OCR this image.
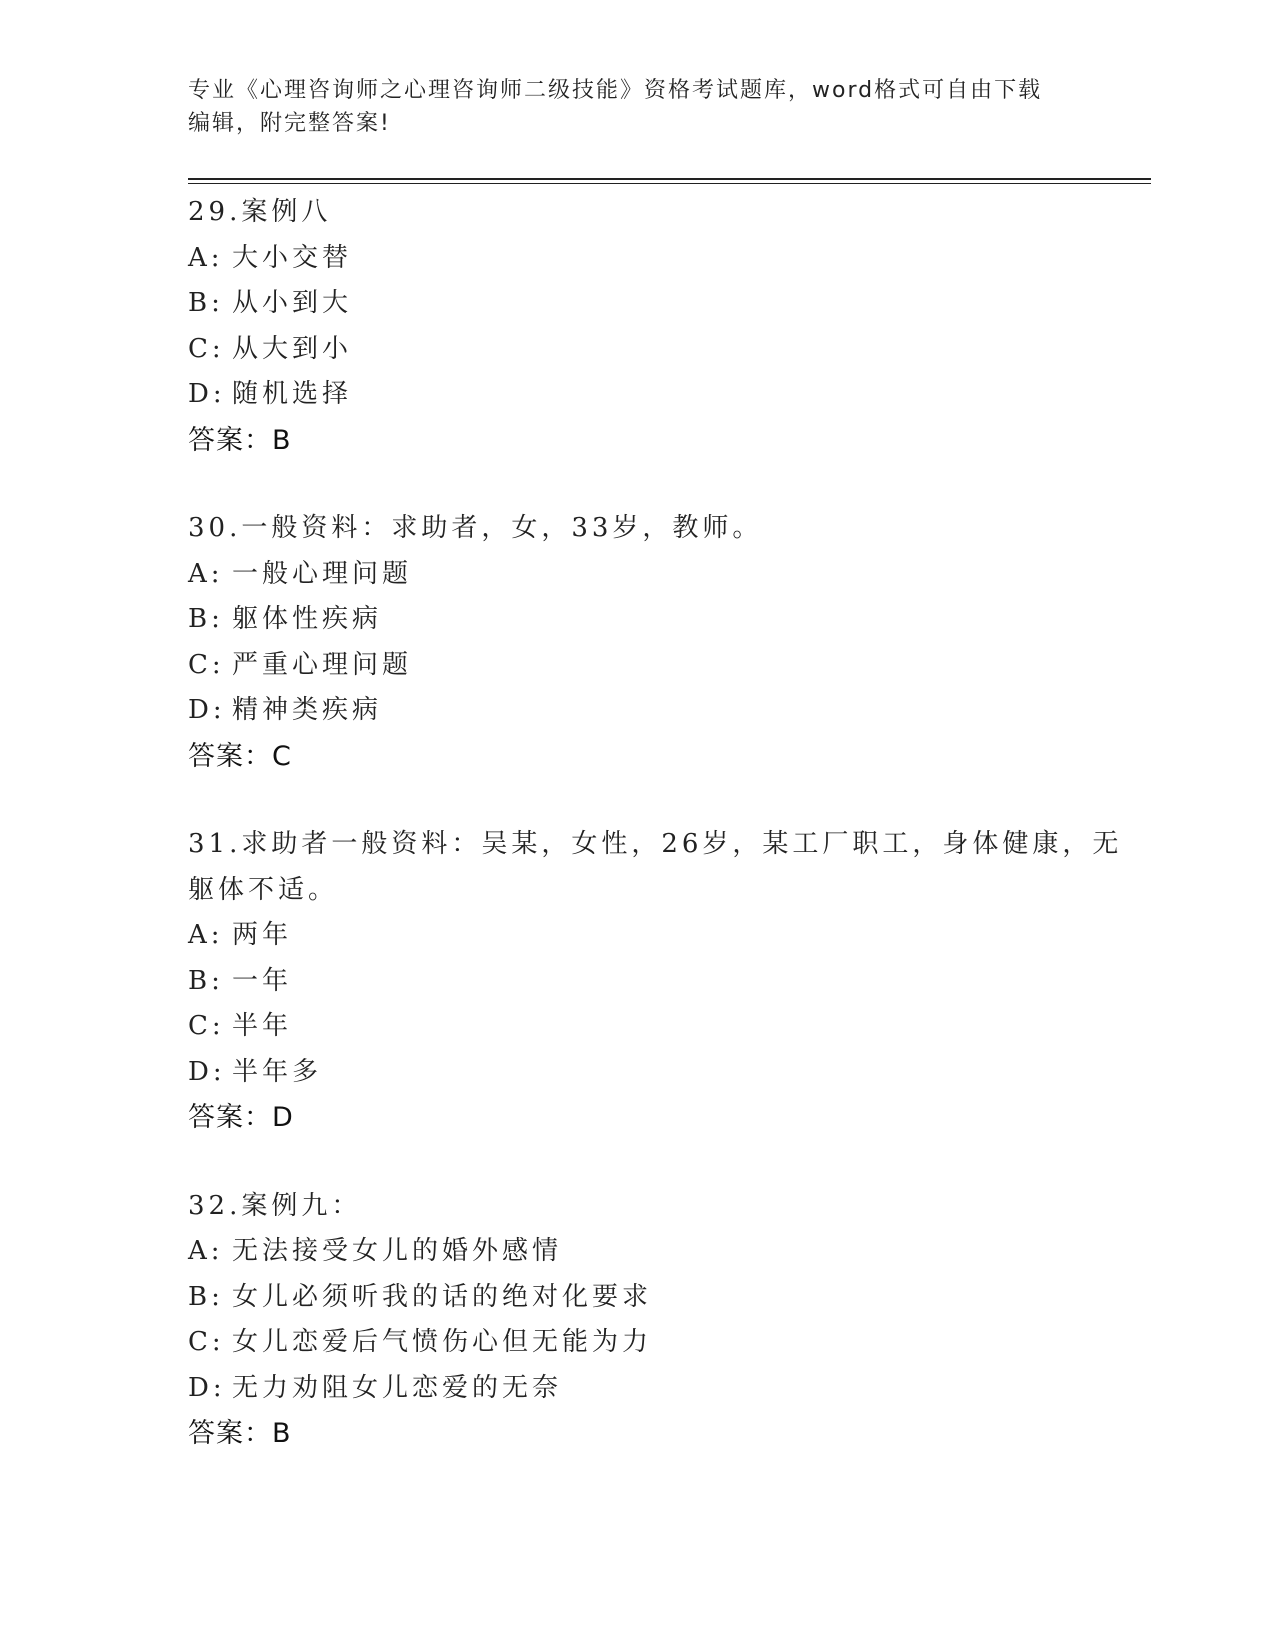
专业《心理咨询师之心理咨询师二级技能》资格考试题库，word格式可自由下载
编辑，附完整答案!
29.案例八
A: 大小交替
B: 从小到大
C: 从大到小
D: 随机选择
答案：B
30.一般资料：求助者，女，33岁，教师。
A: 一般心理问题
B: 躯体性疾病
C: 严重心理问题
D: 精神类疾病
答案：C
31.求助者一般资料：吴某，女性，26岁，某工厂职工，身体健康，无
躯体不适。
A: 两年
B: 一年
C: 半年
D: 半年多
答案：D
32.案例九：
A: 无法接受女儿的婚外感情
B: 女儿必须听我的话的绝对化要求
C: 女儿恋爱后气愤伤心但无能为力
D: 无力劝阻女儿恋爱的无奈
答案：B
